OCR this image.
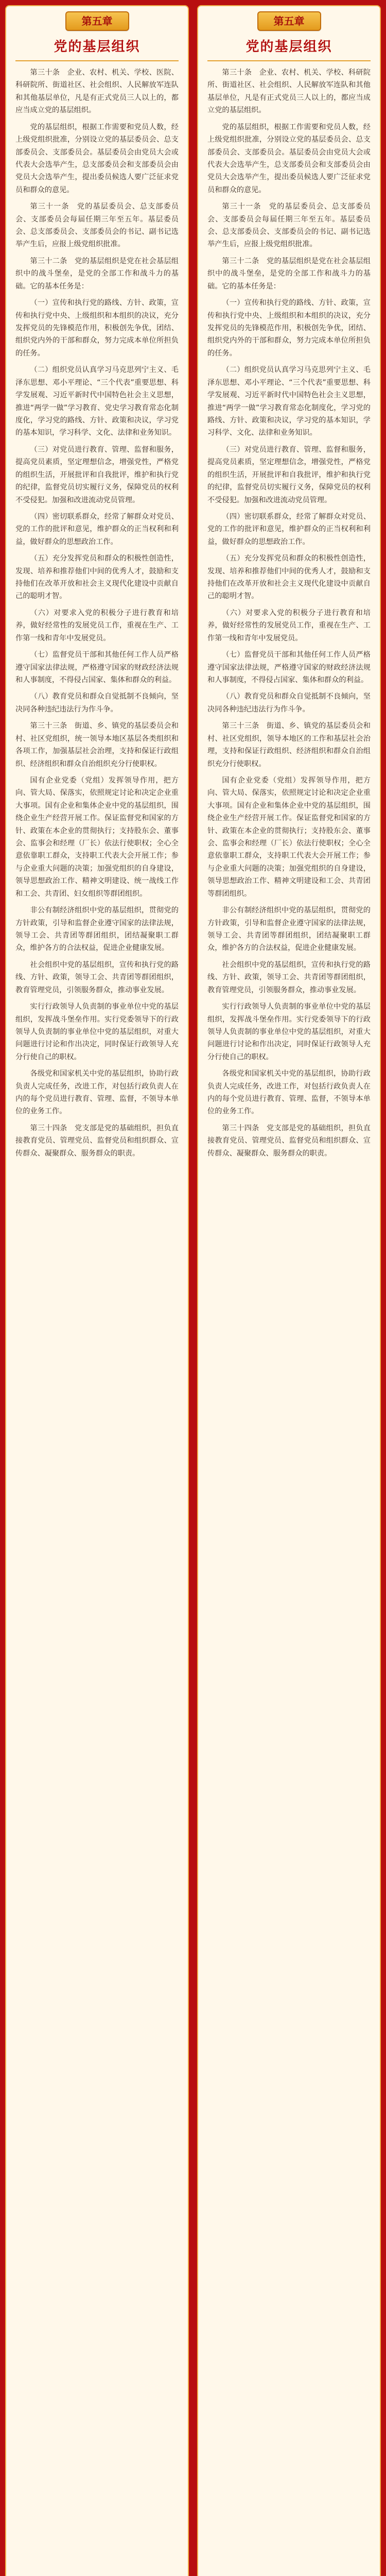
第五章
党的基层组织

第三十条　企业、农村、机关、学校、医院、科研院所、街道社区、社会组织、人民解放军连队和其他基层单位，凡是有正式党员三人以上的，都应当成立党的基层组织。

党的基层组织，根据工作需要和党员人数，经上级党组织批准，分别设立党的基层委员会、总支部委员会、支部委员会。基层委员会由党员大会或代表大会选举产生，总支部委员会和支部委员会由党员大会选举产生，提出委员候选人要广泛征求党员和群众的意见。

第三十一条　党的基层委员会、总支部委员会、支部委员会每届任期三年至五年。基层委员会、总支部委员会、支部委员会的书记、副书记选举产生后，应报上级党组织批准。

第三十二条　党的基层组织是党在社会基层组织中的战斗堡垒，是党的全部工作和战斗力的基础。它的基本任务是：

（一）宣传和执行党的路线、方针、政策，宣传和执行党中央、上级组织和本组织的决议，充分发挥党员的先锋模范作用，积极创先争优，团结、组织党内外的干部和群众，努力完成本单位所担负的任务。

（二）组织党员认真学习马克思列宁主义、毛泽东思想、邓小平理论、“三个代表”重要思想、科学发展观、习近平新时代中国特色社会主义思想，推进“两学一做”学习教育、党史学习教育常态化制度化，学习党的路线、方针、政策和决议，学习党的基本知识，学习科学、文化、法律和业务知识。

（三）对党员进行教育、管理、监督和服务，提高党员素质，坚定理想信念，增强党性，严格党的组织生活，开展批评和自我批评，维护和执行党的纪律，监督党员切实履行义务，保障党员的权利不受侵犯。加强和改进流动党员管理。

（四）密切联系群众，经常了解群众对党员、党的工作的批评和意见，维护群众的正当权利和利益，做好群众的思想政治工作。

（五）充分发挥党员和群众的积极性创造性，发现、培养和推荐他们中间的优秀人才，鼓励和支持他们在改革开放和社会主义现代化建设中贡献自己的聪明才智。

（六）对要求入党的积极分子进行教育和培养，做好经常性的发展党员工作，重视在生产、工作第一线和青年中发展党员。

（七）监督党员干部和其他任何工作人员严格遵守国家法律法规，严格遵守国家的财政经济法规和人事制度，不得侵占国家、集体和群众的利益。

（八）教育党员和群众自觉抵制不良倾向，坚决同各种违纪违法行为作斗争。

第三十三条　街道、乡、镇党的基层委员会和村、社区党组织，统一领导本地区基层各类组织和各项工作，加强基层社会治理，支持和保证行政组织、经济组织和群众自治组织充分行使职权。

国有企业党委（党组）发挥领导作用，把方向、管大局、保落实，依照规定讨论和决定企业重大事项。国有企业和集体企业中党的基层组织，围绕企业生产经营开展工作。保证监督党和国家的方针、政策在本企业的贯彻执行；支持股东会、董事会、监事会和经理（厂长）依法行使职权；全心全意依靠职工群众，支持职工代表大会开展工作；参与企业重大问题的决策；加强党组织的自身建设，领导思想政治工作、精神文明建设、统一战线工作和工会、共青团、妇女组织等群团组织。

非公有制经济组织中党的基层组织，贯彻党的方针政策，引导和监督企业遵守国家的法律法规，领导工会、共青团等群团组织，团结凝聚职工群众，维护各方的合法权益，促进企业健康发展。

社会组织中党的基层组织，宣传和执行党的路线、方针、政策，领导工会、共青团等群团组织，教育管理党员，引领服务群众，推动事业发展。

实行行政领导人负责制的事业单位中党的基层组织，发挥战斗堡垒作用。实行党委领导下的行政领导人负责制的事业单位中党的基层组织，对重大问题进行讨论和作出决定，同时保证行政领导人充分行使自己的职权。

各级党和国家机关中党的基层组织，协助行政负责人完成任务，改进工作，对包括行政负责人在内的每个党员进行教育、管理、监督，不领导本单位的业务工作。

第三十四条　党支部是党的基础组织，担负直接教育党员、管理党员、监督党员和组织群众、宣传群众、凝聚群众、服务群众的职责。

第五章
党的基层组织

第三十条　企业、农村、机关、学校、科研院所、街道社区、社会组织、人民解放军连队和其他基层单位，凡是有正式党员三人以上的，都应当成立党的基层组织。

党的基层组织，根据工作需要和党员人数，经上级党组织批准，分别设立党的基层委员会、总支部委员会、支部委员会。基层委员会由党员大会或代表大会选举产生，总支部委员会和支部委员会由党员大会选举产生，提出委员候选人要广泛征求党员和群众的意见。

第三十一条　党的基层委员会、总支部委员会、支部委员会每届任期三年至五年。基层委员会、总支部委员会、支部委员会的书记、副书记选举产生后，应报上级党组织批准。

第三十二条　党的基层组织是党在社会基层组织中的战斗堡垒，是党的全部工作和战斗力的基础。它的基本任务是：

（一）宣传和执行党的路线、方针、政策，宣传和执行党中央、上级组织和本组织的决议，充分发挥党员的先锋模范作用，积极创先争优，团结、组织党内外的干部和群众，努力完成本单位所担负的任务。

（二）组织党员认真学习马克思列宁主义、毛泽东思想、邓小平理论、“三个代表”重要思想、科学发展观、习近平新时代中国特色社会主义思想，推进“两学一做”学习教育常态化制度化，学习党的路线、方针、政策和决议，学习党的基本知识，学习科学、文化、法律和业务知识。

（三）对党员进行教育、管理、监督和服务，提高党员素质，坚定理想信念，增强党性，严格党的组织生活，开展批评和自我批评，维护和执行党的纪律，监督党员切实履行义务，保障党员的权利不受侵犯。加强和改进流动党员管理。

（四）密切联系群众，经常了解群众对党员、党的工作的批评和意见，维护群众的正当权利和利益，做好群众的思想政治工作。

（五）充分发挥党员和群众的积极性创造性，发现、培养和推荐他们中间的优秀人才，鼓励和支持他们在改革开放和社会主义现代化建设中贡献自己的聪明才智。

（六）对要求入党的积极分子进行教育和培养，做好经常性的发展党员工作，重视在生产、工作第一线和青年中发展党员。

（七）监督党员干部和其他任何工作人员严格遵守国家法律法规，严格遵守国家的财政经济法规和人事制度，不得侵占国家、集体和群众的利益。

（八）教育党员和群众自觉抵制不良倾向，坚决同各种违纪违法行为作斗争。

第三十三条　街道、乡、镇党的基层委员会和村、社区党组织，领导本地区的工作和基层社会治理，支持和保证行政组织、经济组织和群众自治组织充分行使职权。

国有企业党委（党组）发挥领导作用，把方向、管大局、保落实，依照规定讨论和决定企业重大事项。国有企业和集体企业中党的基层组织，围绕企业生产经营开展工作。保证监督党和国家的方针、政策在本企业的贯彻执行；支持股东会、董事会、监事会和经理（厂长）依法行使职权；全心全意依靠职工群众，支持职工代表大会开展工作；参与企业重大问题的决策；加强党组织的自身建设，领导思想政治工作、精神文明建设和工会、共青团等群团组织。

非公有制经济组织中党的基层组织，贯彻党的方针政策，引导和监督企业遵守国家的法律法规，领导工会、共青团等群团组织，团结凝聚职工群众，维护各方的合法权益，促进企业健康发展。

社会组织中党的基层组织，宣传和执行党的路线、方针、政策，领导工会、共青团等群团组织，教育管理党员，引领服务群众，推动事业发展。

实行行政领导人负责制的事业单位中党的基层组织，发挥战斗堡垒作用。实行党委领导下的行政领导人负责制的事业单位中党的基层组织，对重大问题进行讨论和作出决定，同时保证行政领导人充分行使自己的职权。

各级党和国家机关中党的基层组织，协助行政负责人完成任务，改进工作，对包括行政负责人在内的每个党员进行教育、管理、监督，不领导本单位的业务工作。

第三十四条　党支部是党的基础组织，担负直接教育党员、管理党员、监督党员和组织群众、宣传群众、凝聚群众、服务群众的职责。
